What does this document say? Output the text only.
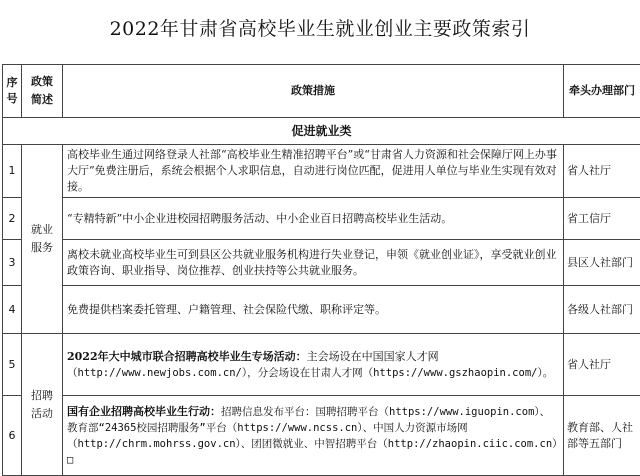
2022年甘肃省高校毕业生就业创业主要政策索引
序号	政策简述	政策措施	牵头办理部门
促进就业类			
1	就业服务	高校毕业生通过网络登录人社部“高校毕业生精准招聘平台”或“甘肃省人力资源和社会保障厅网上办事大厅”免费注册后，系统会根据个人求职信息，自动进行岗位匹配，促进用人单位与毕业生实现有效对接。	省人社厅
2		“专精特新”中小企业进校园招聘服务活动、中小企业百日招聘高校毕业生活动。	省工信厅
3		离校未就业高校毕业生可到县区公共就业服务机构进行失业登记，申领《就业创业证》，享受就业创业政策咨询、职业指导、岗位推荐、创业扶持等公共就业服务。	县区人社部门
4		免费提供档案委托管理、户籍管理、社会保险代缴、职称评定等。	各级人社部门
5	招聘活动	2022年大中城市联合招聘高校毕业生专场活动：主会场设在中国国家人才网
（http://www.newjobs.com.cn/），分会场设在甘肃人才网（https://www.gszhaopin.com/）。	省人社厅
6		国有企业招聘高校毕业生行动：招聘信息发布平台：国聘招聘平台（https://www.iguopin.com）、教育部“24365校园招聘服务”平台（https://www.ncss.cn）、中国人力资源市场网（http://chrm.mohrss.gov.cn）、团团微就业、中智招聘平台（http://zhaopin.ciic.com.cn）□	教育部、人社部等五部门
